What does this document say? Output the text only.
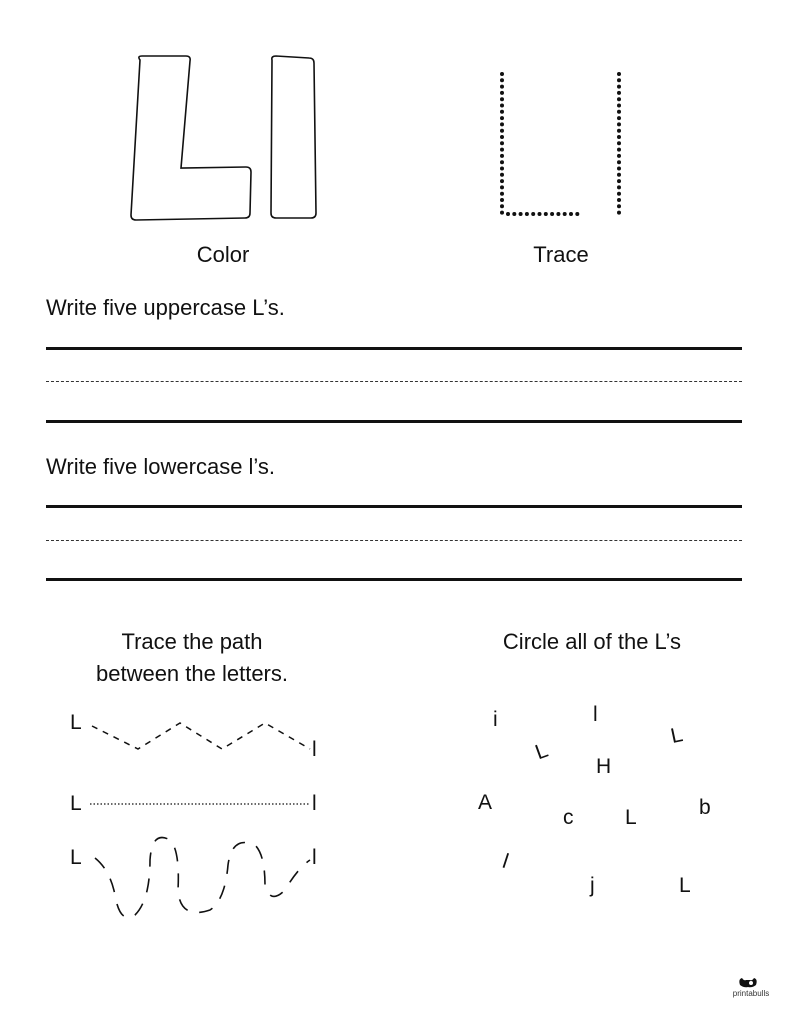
Color	Trace
Write five uppercase L’s.
Write five lowercase l’s.
Trace the path
between the letters.
L
l
L	l
L	l
Circle all of the L’s
i	l
L
L
H
A
c L	b
l
j	L
printabulls
